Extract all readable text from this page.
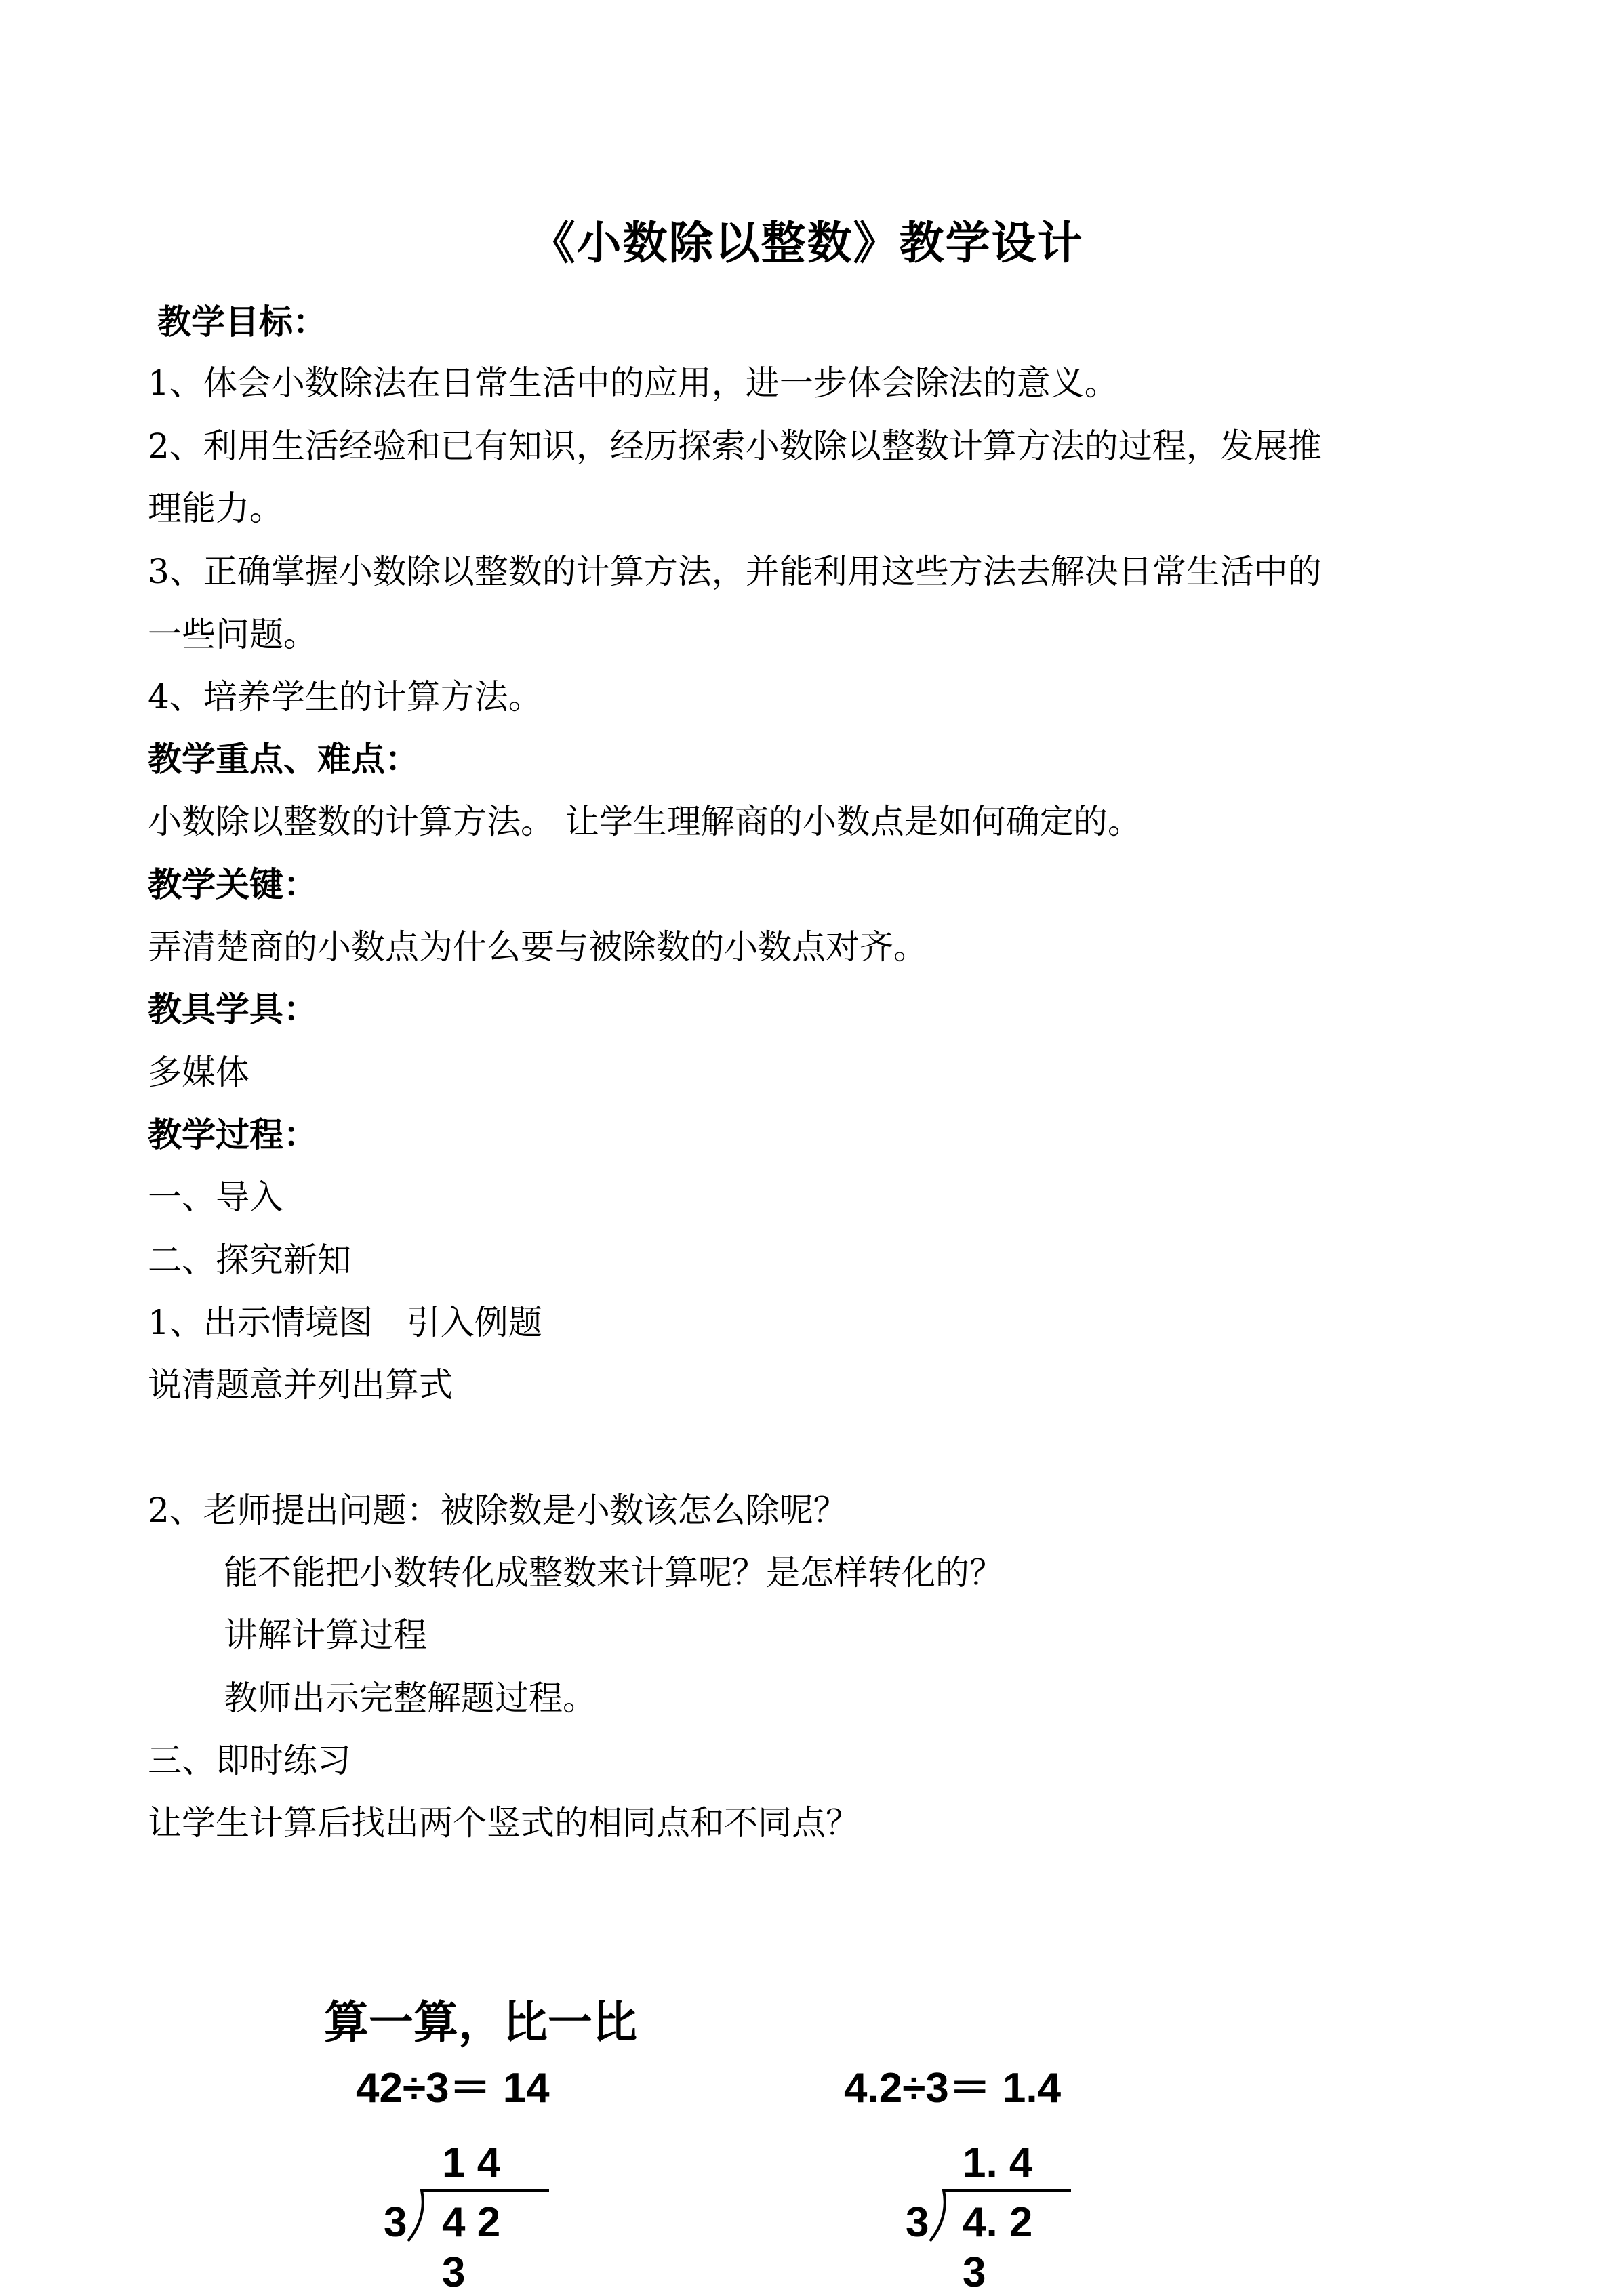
《小数除以整数》教学设计
教学目标：
1、体会小数除法在日常生活中的应用，进一步体会除法的意义。
2、利用生活经验和已有知识，经历探索小数除以整数计算方法的过程，发展推
理能力。
3、正确掌握小数除以整数的计算方法，并能利用这些方法去解决日常生活中的
一些问题。
4、培养学生的计算方法。
教学重点、难点：
小数除以整数的计算方法。 让学生理解商的小数点是如何确定的。
教学关键：
弄清楚商的小数点为什么要与被除数的小数点对齐。
教具学具：
多媒体
教学过程：
一、导入
二、探究新知
1、出示情境图　引入例题
说清题意并列出算式
2、老师提出问题：被除数是小数该怎么除呢？
能不能把小数转化成整数来计算呢？是怎样转化的？
讲解计算过程
教师出示完整解题过程。
三、即时练习
让学生计算后找出两个竖式的相同点和不同点？
算一算，比一比
42÷3＝ 14	4.2÷3＝ 1.4
1 4
3 4 2
3
1. 4
3 4. 2
3
